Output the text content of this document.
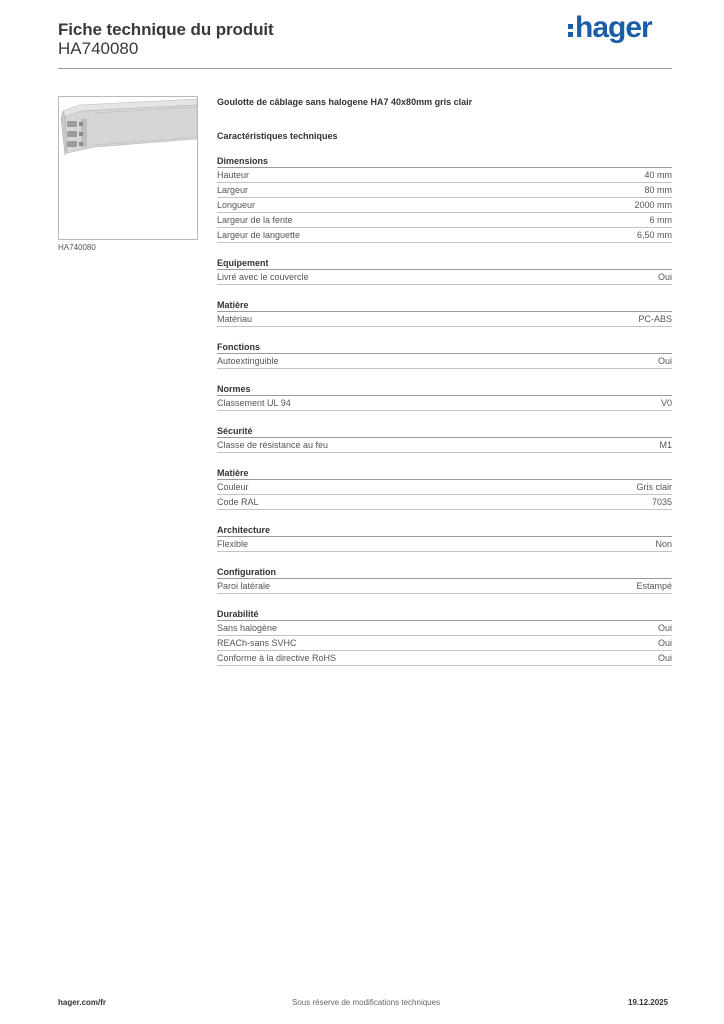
Fiche technique du produit
HA740080
hager
HA740080
Goulotte de câblage sans halogene HA7 40x80mm gris clair
Caractéristiques techniques
Dimensions
Hauteur	40 mm
Largeur	80 mm
Longueur	2000 mm
Largeur de la fente	6 mm
Largeur de languette	6,50 mm
Equipement
Livré avec le couvercle	Oui
Matière
Matériau	PC-ABS
Fonctions
Autoextinguible	Oui
Normes
Classement UL 94	V0
Sécurité
Classe de résistance au feu	M1
Matière
Couleur	Gris clair
Code RAL	7035
Architecture
Flexible	Non
Configuration
Paroi latérale	Estampé
Durabilité
Sans halogène	Oui
REACh-sans SVHC	Oui
Conforme à la directive RoHS	Oui
hager.com/fr	Sous réserve de modifications techniques	19.12.2025
